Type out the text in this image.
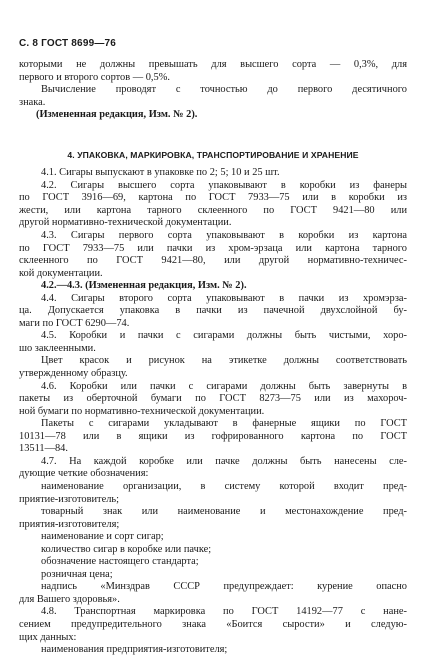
С. 8 ГОСТ 8699—76

которыми не должны превышать для высшего сорта — 0,3%, для

первого и второго сортов — 0,5%.

Вычисление проводят с точностью до первого десятичного

знака.

(Измененная редакция, Изм. № 2).

4. УПАКОВКА, МАРКИРОВКА, ТРАНСПОРТИРОВАНИЕ И ХРАНЕНИЕ

4.1. Сигары выпускают в упаковке по 2; 5; 10 и 25 шт.

4.2. Сигары высшего сорта упаковывают в коробки из фанеры

по ГОСТ 3916—69, картона по ГОСТ 7933—75 или в коробки из

жести, или картона тарного склеенного по ГОСТ 9421—80 или

другой нормативно-технической документации.

4.3. Сигары первого сорта упаковывают в коробки из картона

по ГОСТ 7933—75 или пачки из хром-эрзаца или картона тарного

склеенного по ГОСТ 9421—80, или другой нормативно-техничес-

кой документации.

4.2.—4.3. (Измененная редакция, Изм. № 2).

4.4. Сигары второго сорта упаковывают в пачки из хромэрза-

ца. Допускается упаковка в пачки из пачечной двухслойной бу-

маги по ГОСТ 6290—74.

4.5. Коробки и пачки с сигарами должны быть чистыми, хоро-

шо заклеенными.

Цвет красок и рисунок на этикетке должны соответствовать

утвержденному образцу.

4.6. Коробки или пачки с сигарами должны быть завернуты в

пакеты из оберточной бумаги по ГОСТ 8273—75 или из махороч-

ной бумаги по нормативно-технической документации.

Пакеты с сигарами укладывают в фанерные ящики по ГОСТ

10131—78 или в ящики из гофрированного картона по ГОСТ

13511—84.

4.7. На каждой коробке или пачке должны быть нанесены сле-

дующие четкие обозначения:

наименование организации, в систему которой входит пред-

приятие-изготовитель;

товарный знак или наименование и местонахождение пред-

приятия-изготовителя;

наименование и сорт сигар;

количество сигар в коробке или пачке;

обозначение настоящего стандарта;

розничная цена;

надпись «Минздрав СССР предупреждает: курение опасно

для Вашего здоровья».

4.8. Транспортная маркировка по ГОСТ 14192—77 с нане-

сением предупредительного знака «Боится сырости» и следую-

щих данных:

наименования предприятия-изготовителя;
